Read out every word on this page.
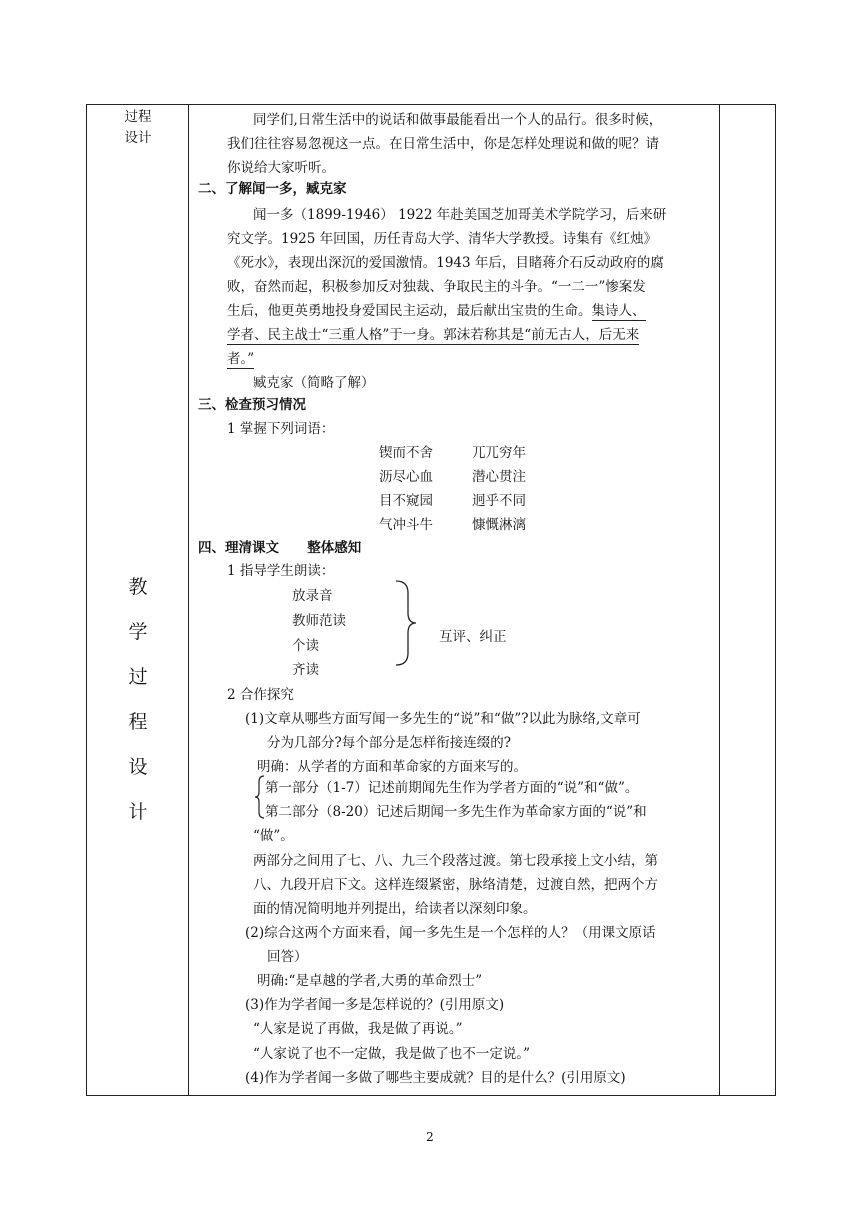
过程
设计
教
学
过
程
设
计
同学们,日常生活中的说话和做事最能看出一个人的品行。很多时候，
我们往往容易忽视这一点。在日常生活中，你是怎样处理说和做的呢？请
你说给大家听听。
二、了解闻一多，臧克家
闻一多（1899-1946） 1922 年赴美国芝加哥美术学院学习，后来研
究文学。1925 年回国，历任青岛大学、清华大学教授。诗集有《红烛》
《死水》，表现出深沉的爱国激情。1943 年后，目睹蒋介石反动政府的腐
败，奋然而起，积极参加反对独裁、争取民主的斗争。“一二一”惨案发
生后，他更英勇地投身爱国民主运动，最后献出宝贵的生命。集诗人、
学者、民主战士“三重人格”于一身。郭沫若称其是“前无古人，后无来
者。”
臧克家（简略了解）
三、检查预习情况
1 掌握下列词语：
锲而不舍	兀兀穷年
沥尽心血	潜心贯注
目不窥园	迥乎不同
气冲斗牛	慷慨淋漓
四、理清课文      整体感知
1 指导学生朗读：
放录音
教师范读
个读
齐读
互评、纠正
2 合作探究
(1)文章从哪些方面写闻一多先生的“说”和“做”?以此为脉络,文章可
分为几部分?每个部分是怎样衔接连缀的?
明确：从学者的方面和革命家的方面来写的。
第一部分（1-7）记述前期闻先生作为学者方面的“说”和“做”。
第二部分（8-20）记述后期闻一多先生作为革命家方面的“说”和
“做”。
两部分之间用了七、八、九三个段落过渡。第七段承接上文小结，第
八、九段开启下文。这样连缀紧密，脉络清楚，过渡自然，把两个方
面的情况简明地并列提出，给读者以深刻印象。
(2)综合这两个方面来看，闻一多先生是一个怎样的人？（用课文原话
回答）
明确:“是卓越的学者,大勇的革命烈士”
(3)作为学者闻一多是怎样说的？(引用原文)
“人家是说了再做，我是做了再说。”
“人家说了也不一定做，我是做了也不一定说。”
(4)作为学者闻一多做了哪些主要成就？目的是什么？(引用原文)
2
